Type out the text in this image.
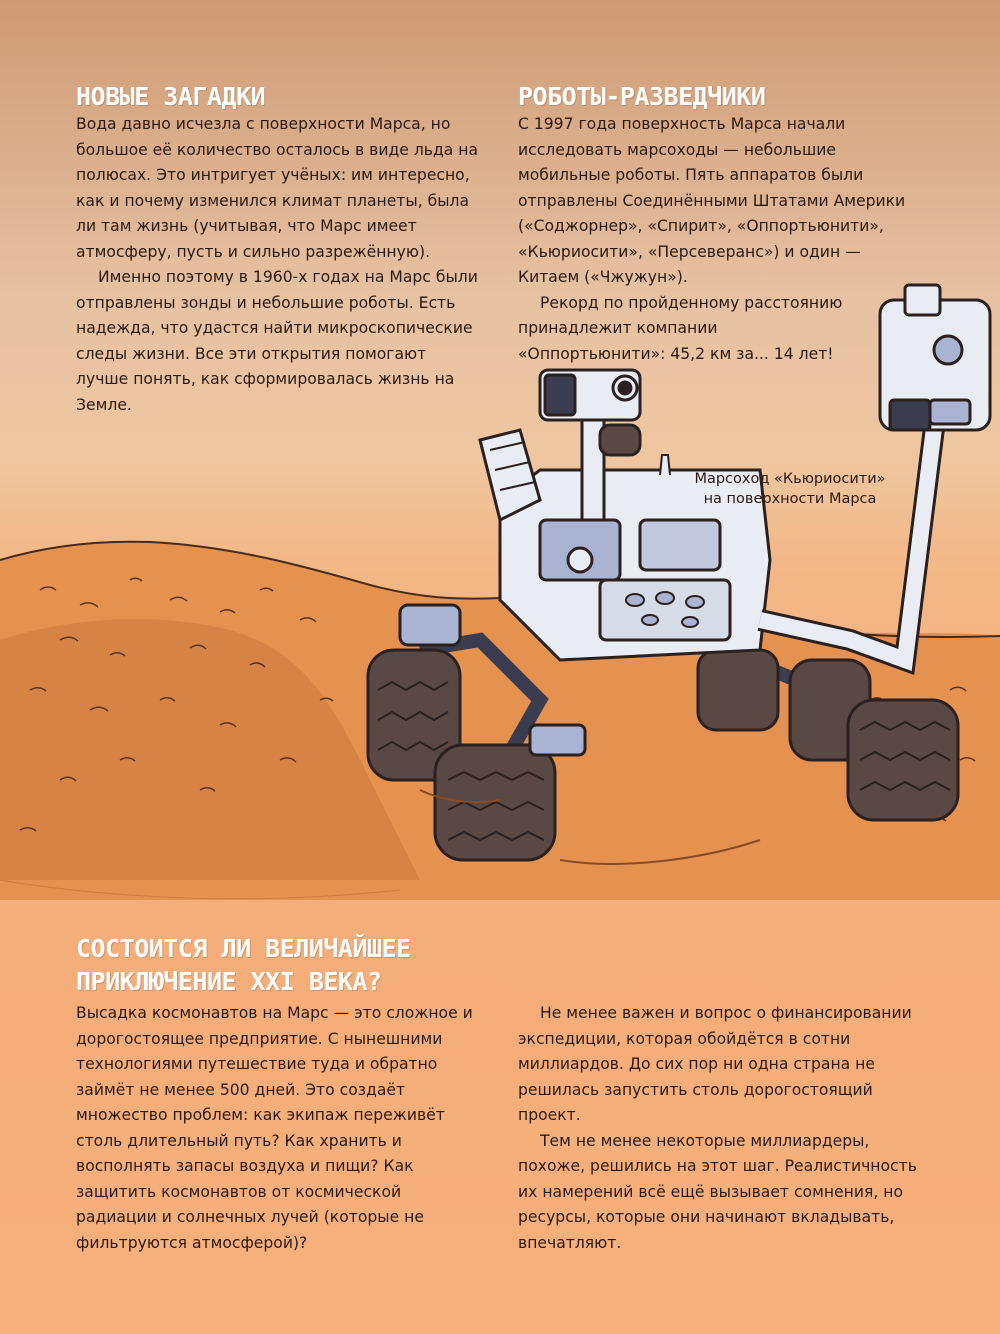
НОВЫЕ ЗАГАДКИ

Вода давно исчезла с поверхности Марса, но большое её количество осталось в виде льда на полюсах. Это интригует учёных: им интересно, как и почему изменился климат планеты, была ли там жизнь (учитывая, что Марс имеет атмосферу, пусть и сильно разрежённую).

Именно поэтому в 1960-х годах на Марс были отправлены зонды и небольшие роботы. Есть надежда, что удастся найти микроскопические следы жизни. Все эти открытия помогают лучше понять, как сформировалась жизнь на Земле.

РОБОТЫ-РАЗВЕДЧИКИ

С 1997 года поверхность Марса начали исследовать марсоходы — небольшие мобильные роботы. Пять аппаратов были отправлены Соединёнными Штатами Америки («Соджорнер», «Спирит», «Оппортьюнити», «Кьюриосити», «Персеверанс») и один — Китаем («Чжужун»).

Рекорд по пройденному расстоянию принадлежит компании «Оппортьюнити»: 45,2 км за... 14 лет!

Марсоход «Кьюриосити»
на поверхности Марса
СОСТОИТСЯ ЛИ ВЕЛИЧАЙШЕЕ
ПРИКЛЮЧЕНИЕ XXI ВЕКА?

Высадка космонавтов на Марс — это сложное и дорогостоящее предприятие. С нынешними технологиями путешествие туда и обратно займёт не менее 500 дней. Это создаёт множество проблем: как экипаж переживёт столь длительный путь? Как хранить и восполнять запасы воздуха и пищи? Как защитить космонавтов от космической радиации и солнечных лучей (которые не фильтруются атмосферой)?

Не менее важен и вопрос о финансировании экспедиции, которая обойдётся в сотни миллиардов. До сих пор ни одна страна не решилась запустить столь дорогостоящий проект.

Тем не менее некоторые миллиардеры, похоже, решились на этот шаг. Реалистичность их намерений всё ещё вызывает сомнения, но ресурсы, которые они начинают вкладывать, впечатляют.
